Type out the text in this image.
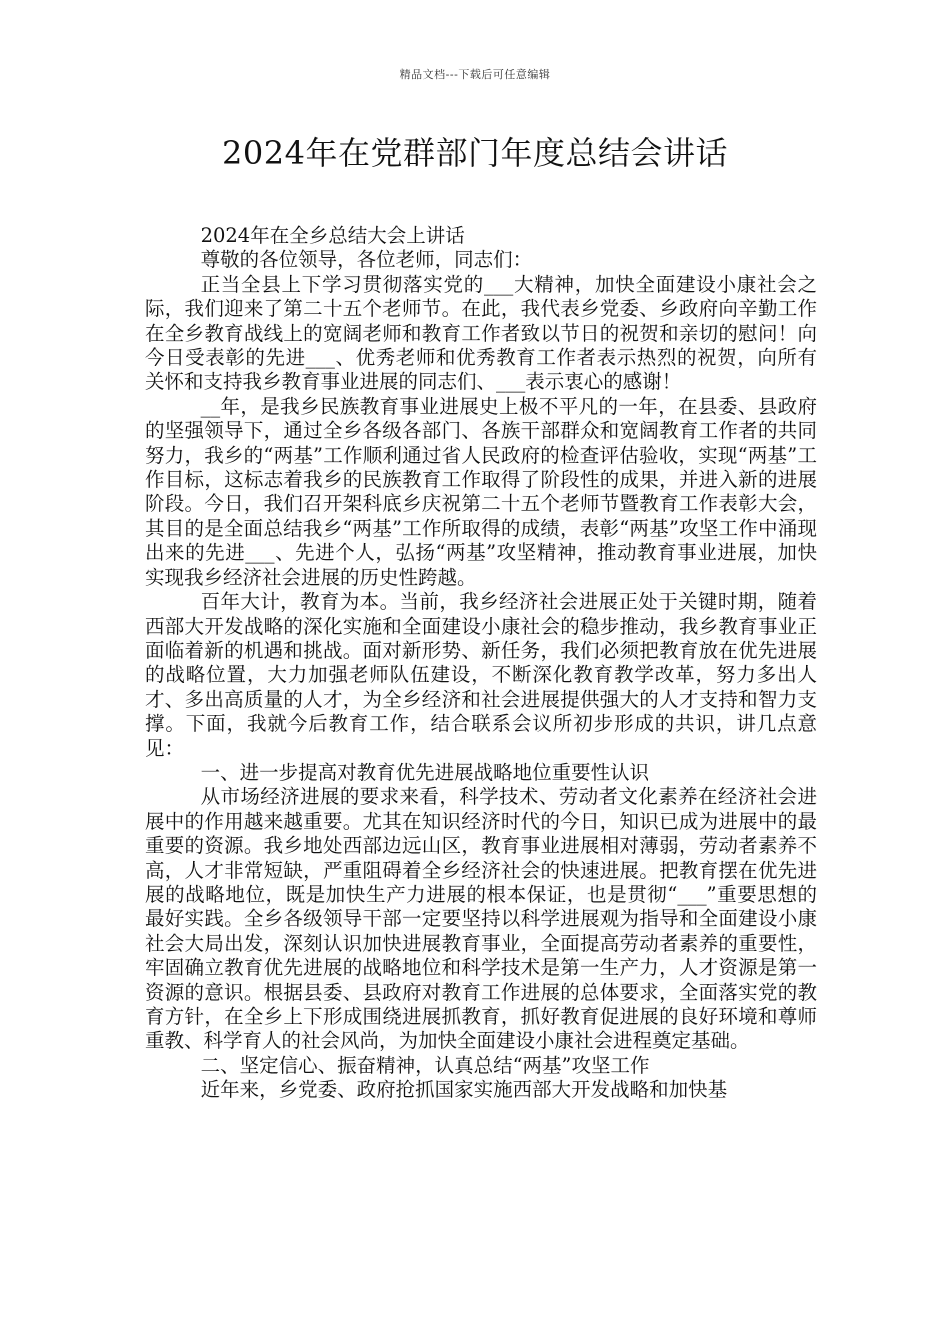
精品文档---下载后可任意编辑
2024年在党群部门年度总结会讲话

2024年在全乡总结大会上讲话

尊敬的各位领导，各位老师，同志们：

正当全县上下学习贯彻落实党的___大精神，加快全面建设小康社会之际，我们迎来了第二十五个老师节。在此，我代表乡党委、乡政府向辛勤工作在全乡教育战线上的宽阔老师和教育工作者致以节日的祝贺和亲切的慰问！向今日受表彰的先进___、优秀老师和优秀教育工作者表示热烈的祝贺，向所有关怀和支持我乡教育事业进展的同志们、___表示衷心的感谢！

__年，是我乡民族教育事业进展史上极不平凡的一年，在县委、县政府的坚强领导下，通过全乡各级各部门、各族干部群众和宽阔教育工作者的共同努力，我乡的“两基”工作顺利通过省人民政府的检查评估验收，实现“两基”工作目标，这标志着我乡的民族教育工作取得了阶段性的成果，并进入新的进展阶段。今日，我们召开架科底乡庆祝第二十五个老师节暨教育工作表彰大会，其目的是全面总结我乡“两基”工作所取得的成绩，表彰“两基”攻坚工作中涌现出来的先进___、先进个人，弘扬“两基”攻坚精神，推动教育事业进展，加快实现我乡经济社会进展的历史性跨越。

百年大计，教育为本。当前，我乡经济社会进展正处于关键时期，随着西部大开发战略的深化实施和全面建设小康社会的稳步推动，我乡教育事业正面临着新的机遇和挑战。面对新形势、新任务，我们必须把教育放在优先进展的战略位置，大力加强老师队伍建设，不断深化教育教学改革，努力多出人才、多出高质量的人才，为全乡经济和社会进展提供强大的人才支持和智力支撑。下面，我就今后教育工作，结合联系会议所初步形成的共识，讲几点意见：

一、进一步提高对教育优先进展战略地位重要性认识

从市场经济进展的要求来看，科学技术、劳动者文化素养在经济社会进展中的作用越来越重要。尤其在知识经济时代的今日，知识已成为进展中的最重要的资源。我乡地处西部边远山区，教育事业进展相对薄弱，劳动者素养不高，人才非常短缺，严重阻碍着全乡经济社会的快速进展。把教育摆在优先进展的战略地位，既是加快生产力进展的根本保证，也是贯彻“___”重要思想的最好实践。全乡各级领导干部一定要坚持以科学进展观为指导和全面建设小康社会大局出发，深刻认识加快进展教育事业，全面提高劳动者素养的重要性，牢固确立教育优先进展的战略地位和科学技术是第一生产力，人才资源是第一资源的意识。根据县委、县政府对教育工作进展的总体要求，全面落实党的教育方针，在全乡上下形成围绕进展抓教育，抓好教育促进展的良好环境和尊师重教、科学育人的社会风尚，为加快全面建设小康社会进程奠定基础。

二、坚定信心、振奋精神，认真总结“两基”攻坚工作

近年来，乡党委、政府抢抓国家实施西部大开发战略和加快基
